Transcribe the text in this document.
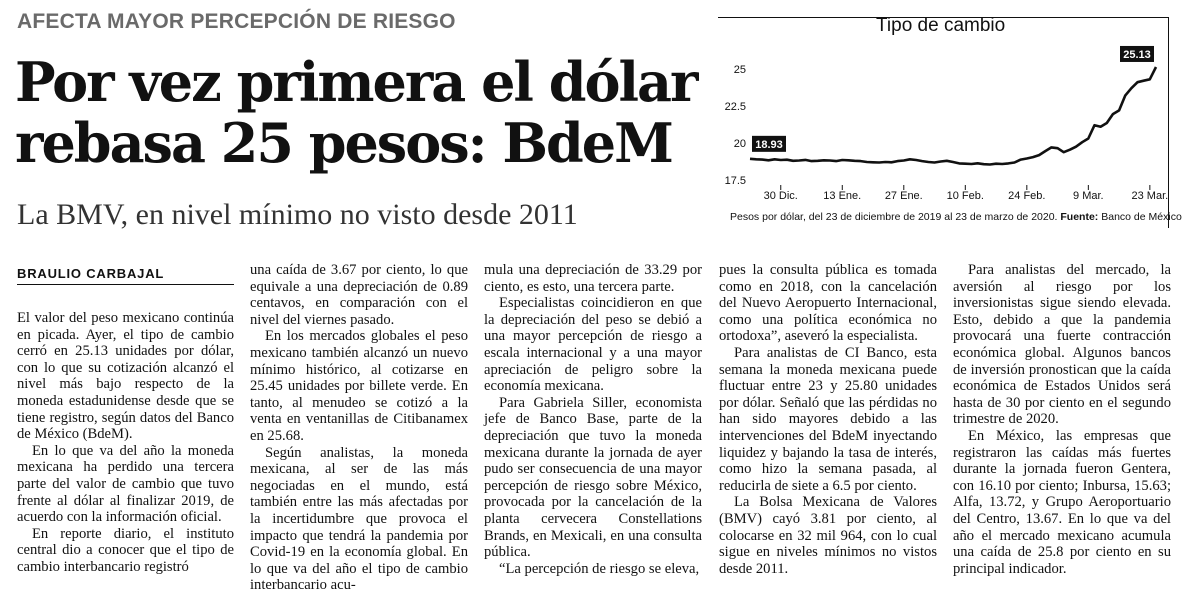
AFECTA MAYOR PERCEPCIÓN DE RIESGO
Por vez primera el dólar
rebasa 25 pesos: BdeM
La BMV, en nivel mínimo no visto desde 2011
Tipo de cambio
17.5
20
22.5
25
30 Dic. 13 Ene. 27 Ene. 10 Feb. 24 Feb.	9 Mar.	23 Mar.
18.93
25.13
Pesos por dólar, del 23 de diciembre de 2019 al 23 de marzo de 2020. Fuente: Banco de México
BRAULIO CARBAJAL

El valor del peso mexicano continúa en picada. Ayer, el tipo de cambio cerró en 25.13 unidades por dólar, con lo que su cotización alcanzó el nivel más bajo respecto de la moneda estadunidense desde que se tiene registro, según datos del Banco de México (BdeM).

En lo que va del año la moneda mexicana ha perdido una tercera parte del valor de cambio que tuvo frente al dólar al finalizar 2019, de acuerdo con la información oficial.

En reporte diario, el instituto central dio a conocer que el tipo de cambio interbancario registró

una caída de 3.67 por ciento, lo que equivale a una depreciación de 0.89 centavos, en comparación con el nivel del viernes pasado.

En los mercados globales el peso mexicano también alcanzó un nuevo mínimo histórico, al cotizarse en 25.45 unidades por billete verde. En tanto, al menudeo se cotizó a la venta en ventanillas de Citibanamex en 25.68.

Según analistas, la moneda mexicana, al ser de las más negociadas en el mundo, está también entre las más afectadas por la incertidumbre que provoca el impacto que tendrá la pandemia por Covid-19 en la economía global. En lo que va del año el tipo de cambio interbancario acu-

mula una depreciación de 33.29 por ciento, es esto, una tercera parte.

Especialistas coincidieron en que la depreciación del peso se debió a una mayor percepción de riesgo a escala internacional y a una mayor apreciación de peligro sobre la economía mexicana.

Para Gabriela Siller, economista jefe de Banco Base, parte de la depreciación que tuvo la moneda mexicana durante la jornada de ayer pudo ser consecuencia de una mayor percepción de riesgo sobre México, provocada por la cancelación de la planta cervecera Constellations Brands, en Mexicali, en una consulta pública.

“La percepción de riesgo se eleva,

pues la consulta pública es tomada como en 2018, con la cancelación del Nuevo Aeropuerto Internacional, como una política económica no ortodoxa”, aseveró la especialista.

Para analistas de CI Banco, esta semana la moneda mexicana puede fluctuar entre 23 y 25.80 unidades por dólar. Señaló que las pérdidas no han sido mayores debido a las intervenciones del BdeM inyectando liquidez y bajando la tasa de interés, como hizo la semana pasada, al reducirla de siete a 6.5 por ciento.

La Bolsa Mexicana de Valores (BMV) cayó 3.81 por ciento, al colocarse en 32 mil 964, con lo cual sigue en niveles mínimos no vistos desde 2011.

Para analistas del mercado, la aversión al riesgo por los inversionistas sigue siendo elevada. Esto, debido a que la pandemia provocará una fuerte contracción económica global. Algunos bancos de inversión pronostican que la caída económica de Estados Unidos será hasta de 30 por ciento en el segundo trimestre de 2020.

En México, las empresas que registraron las caídas más fuertes durante la jornada fueron Gentera, con 16.10 por ciento; Inbursa, 15.63; Alfa, 13.72, y Grupo Aeroportuario del Centro, 13.67. En lo que va del año el mercado mexicano acumula una caída de 25.8 por ciento en su principal indicador.
